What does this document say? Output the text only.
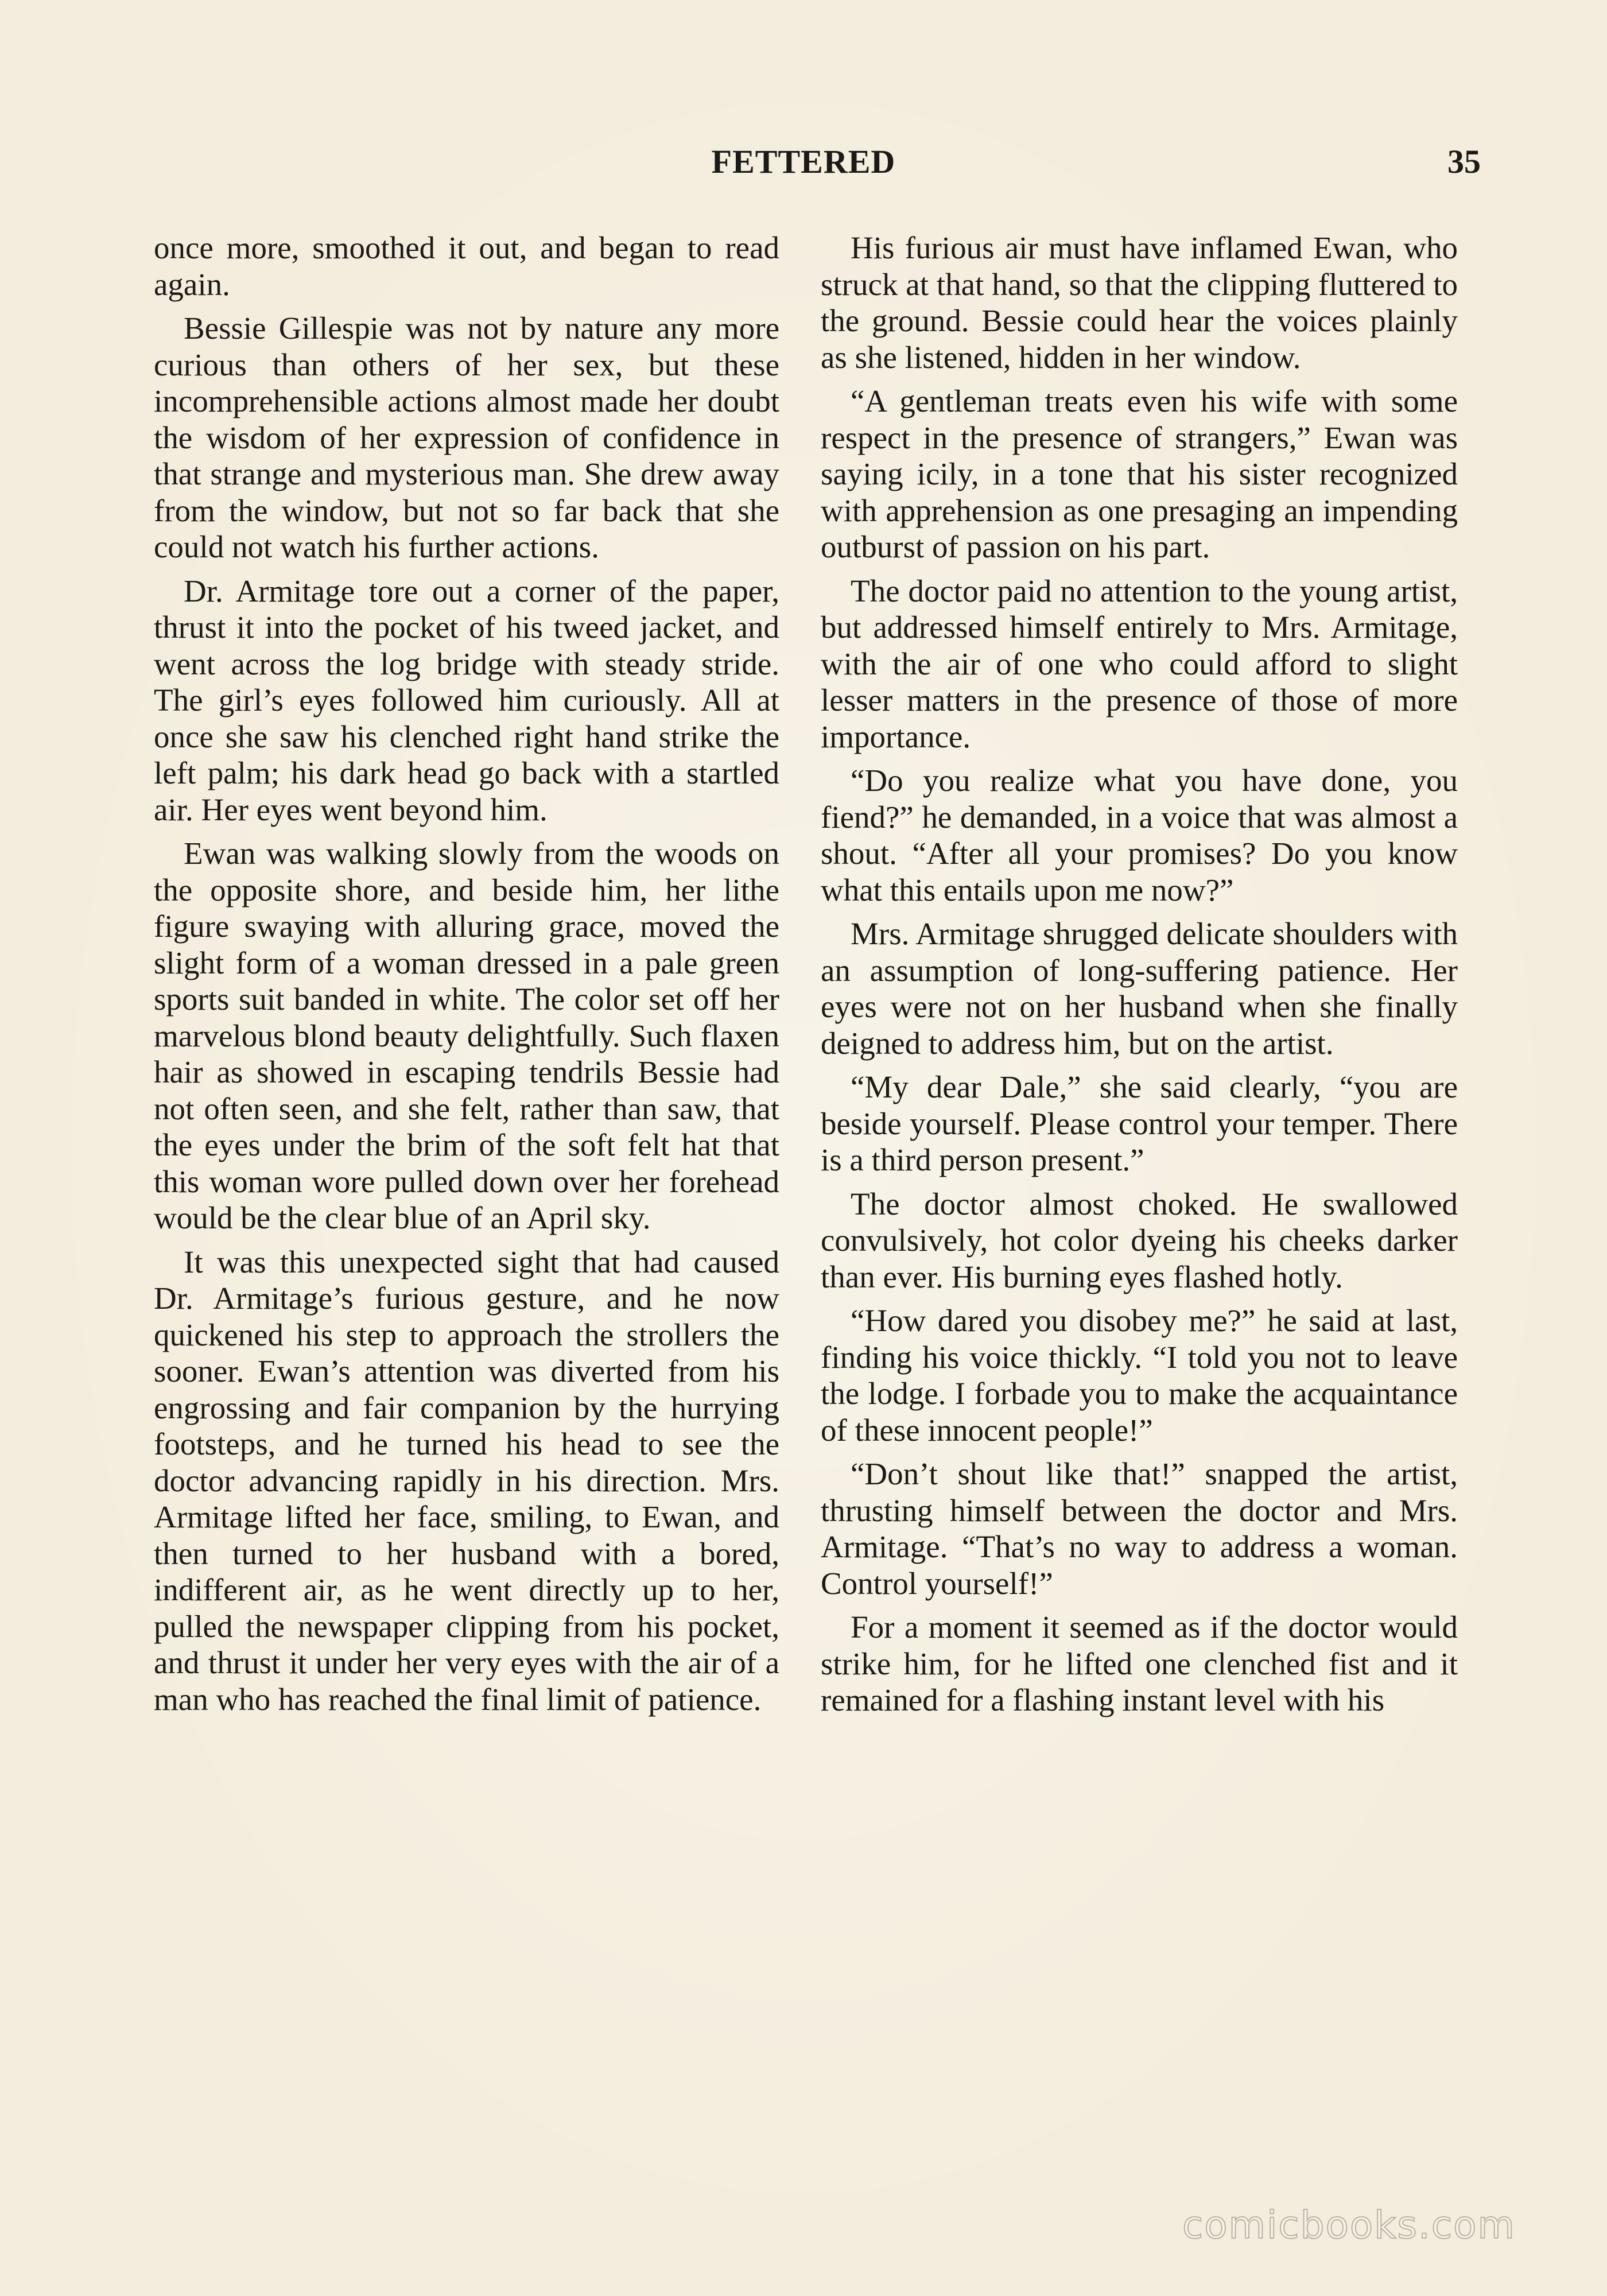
FETTERED	35

once more, smoothed it out, and began to read again.

Bessie Gillespie was not by nature any more curious than others of her sex, but these incomprehensible actions almost made her doubt the wisdom of her expression of confidence in that strange and mysterious man. She drew away from the window, but not so far back that she could not watch his further actions.

Dr. Armitage tore out a corner of the paper, thrust it into the pocket of his tweed jacket, and went across the log bridge with steady stride. The girl’s eyes followed him curiously. All at once she saw his clenched right hand strike the left palm; his dark head go back with a startled air. Her eyes went beyond him.

Ewan was walking slowly from the woods on the opposite shore, and beside him, her lithe figure swaying with alluring grace, moved the slight form of a woman dressed in a pale green sports suit banded in white. The color set off her marvelous blond beauty delightfully. Such flaxen hair as showed in escaping tendrils Bessie had not often seen, and she felt, rather than saw, that the eyes under the brim of the soft felt hat that this woman wore pulled down over her forehead would be the clear blue of an April sky.

It was this unexpected sight that had caused Dr. Armitage’s furious gesture, and he now quickened his step to approach the strollers the sooner. Ewan’s attention was diverted from his engrossing and fair companion by the hurrying footsteps, and he turned his head to see the doctor advancing rapidly in his direction. Mrs. Armitage lifted her face, smiling, to Ewan, and then turned to her husband with a bored, indifferent air, as he went directly up to her, pulled the newspaper clipping from his pocket, and thrust it under her very eyes with the air of a man who has reached the final limit of patience.

His furious air must have inflamed Ewan, who struck at that hand, so that the clipping fluttered to the ground. Bessie could hear the voices plainly as she listened, hidden in her window.

“A gentleman treats even his wife with some respect in the presence of strangers,” Ewan was saying icily, in a tone that his sister recognized with apprehension as one presaging an impending outburst of passion on his part.

The doctor paid no attention to the young artist, but addressed himself entirely to Mrs. Armitage, with the air of one who could afford to slight lesser matters in the presence of those of more importance.

“Do you realize what you have done, you fiend?” he demanded, in a voice that was almost a shout. “After all your promises? Do you know what this entails upon me now?”

Mrs. Armitage shrugged delicate shoulders with an assumption of long-suffering patience. Her eyes were not on her husband when she finally deigned to address him, but on the artist.

“My dear Dale,” she said clearly, “you are beside yourself. Please control your temper. There is a third person present.”

The doctor almost choked. He swallowed convulsively, hot color dyeing his cheeks darker than ever. His burning eyes flashed hotly.

“How dared you disobey me?” he said at last, finding his voice thickly. “I told you not to leave the lodge. I forbade you to make the acquaintance of these innocent people!”

“Don’t shout like that!” snapped the artist, thrusting himself between the doctor and Mrs. Armitage. “That’s no way to address a woman. Control yourself!”

For a moment it seemed as if the doctor would strike him, for he lifted one clenched fist and it remained for a flashing instant level with his

comicbooks.com
